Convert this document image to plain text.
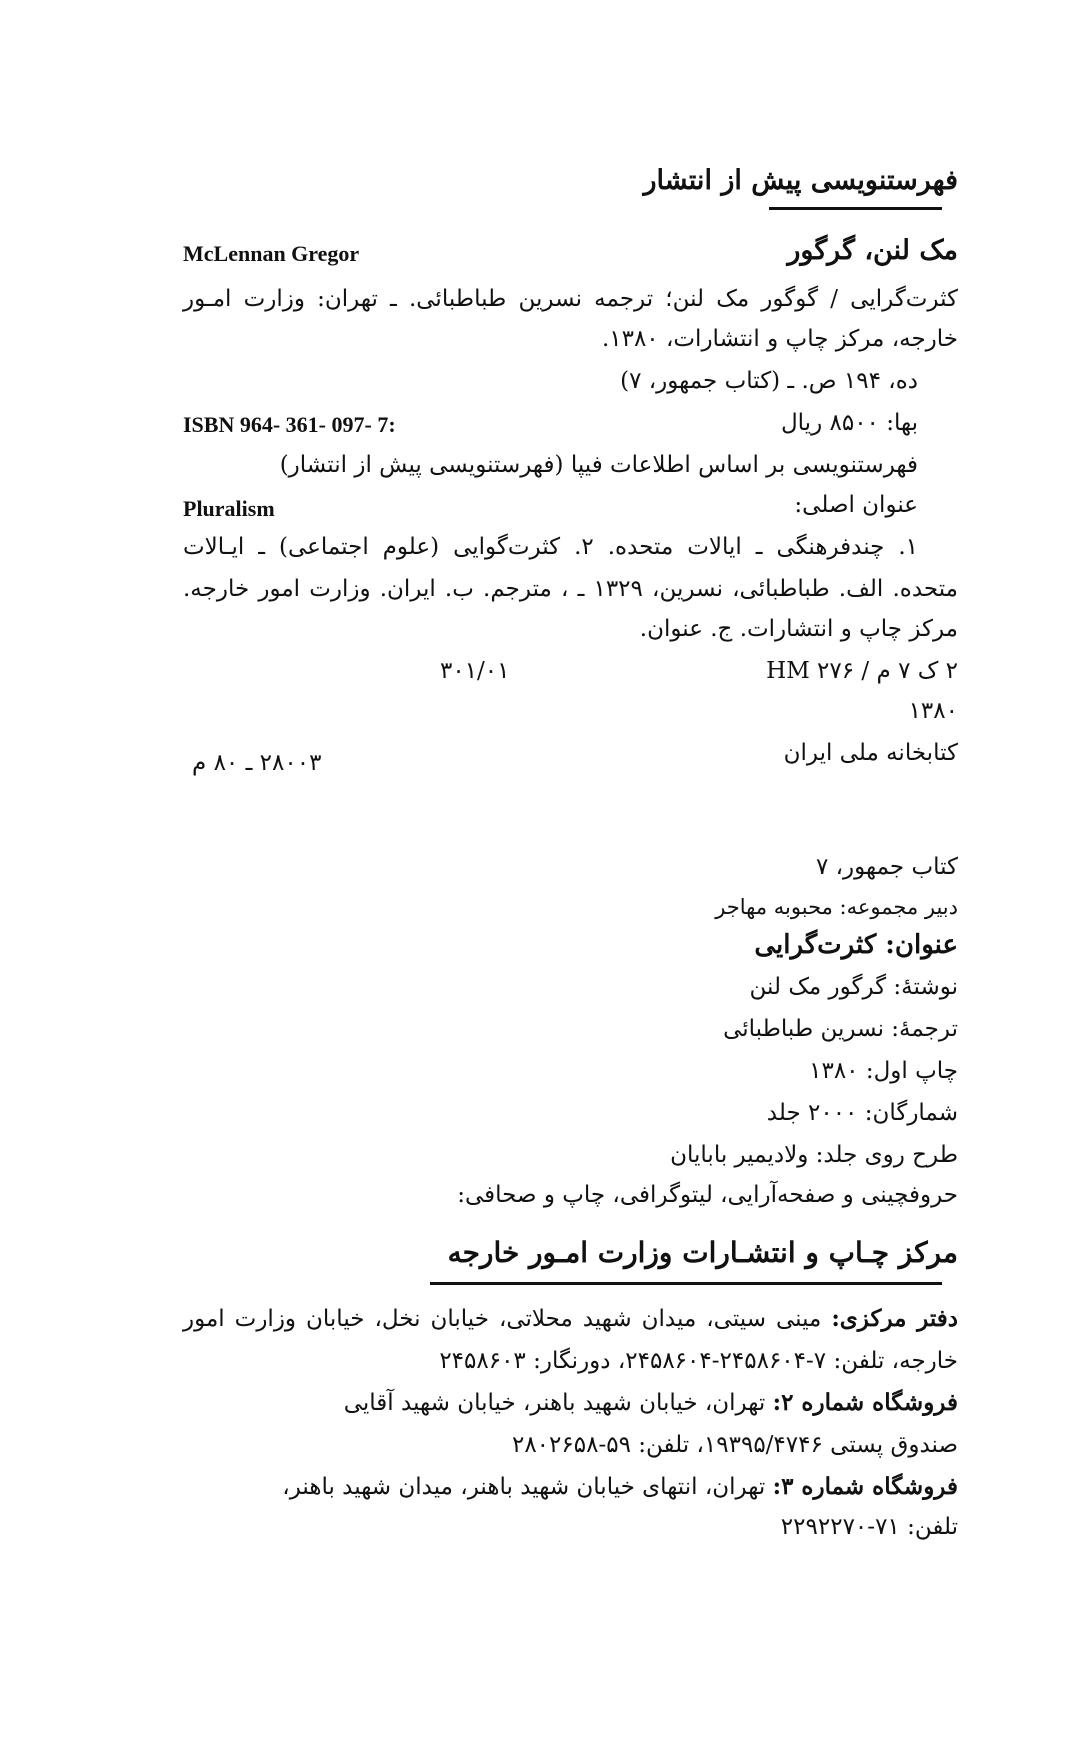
فهرستنویسی پیش از انتشار
مک لنن، گرگور
McLennan Gregor
کثرت‌گرایی / گوگور مک لنن؛ ترجمه نسرین طباطبائی. ـ تهران: وزارت امـور
خارجه، مرکز چاپ و انتشارات، ۱۳۸۰.
ده، ۱۹۴ ص. ـ (کتاب جمهور، ۷)
بها: ۸۵۰۰ ریال
ISBN 964- 361- 097- 7:
فهرستنویسی بر اساس اطلاعات فیپا (فهرستنویسی پیش از انتشار)
عنوان اصلی:
Pluralism
۱. چندفرهنگی ـ ایالات متحده. ۲. کثرت‌گوایی (علوم اجتماعی) ـ ایـالات
متحده. الف. طباطبائی، نسرین، ۱۳۲۹ ـ ، مترجم. ب. ایران. وزارت امور خارجه.
مرکز چاپ و انتشارات. ج. عنوان.
۲ ک ۷ م / HM ۲۷۶
۳۰۱/۰۱
۱۳۸۰
کتابخانه ملی ایران
۲۸۰۰۳ ـ ۸۰ م
کتاب جمهور، ۷
دبیر مجموعه: محبوبه مهاجر
عنوان: کثرت‌گرایی
نوشتهٔ: گرگور مک لنن
ترجمهٔ: نسرین طباطبائی
چاپ اول: ۱۳۸۰
شمارگان: ۲۰۰۰ جلد
طرح روی جلد: ولادیمیر بابایان
حروفچینی و صفحه‌آرایی، لیتوگرافی، چاپ و صحافی:
مرکز چـاپ و انتشـارات وزارت امـور خارجه
دفتر مرکزی: مینی سیتی، میدان شهید محلاتی، خیابان نخل، خیابان وزارت امور
خارجه، تلفن: ۷-۲۴۵۸۶۰۴-۲۴۵۸۶۰۴، دورنگار: ۲۴۵۸۶۰۳
فروشگاه شماره ۲: تهران، خیابان شهید باهنر، خیابان شهید آقایی
صندوق پستی ۱۹۳۹۵/۴۷۴۶، تلفن: ۵۹-۲۸۰۲۶۵۸
فروشگاه شماره ۳: تهران، انتهای خیابان شهید باهنر، میدان شهید باهنر،
تلفن: ۷۱-۲۲۹۲۲۷۰
